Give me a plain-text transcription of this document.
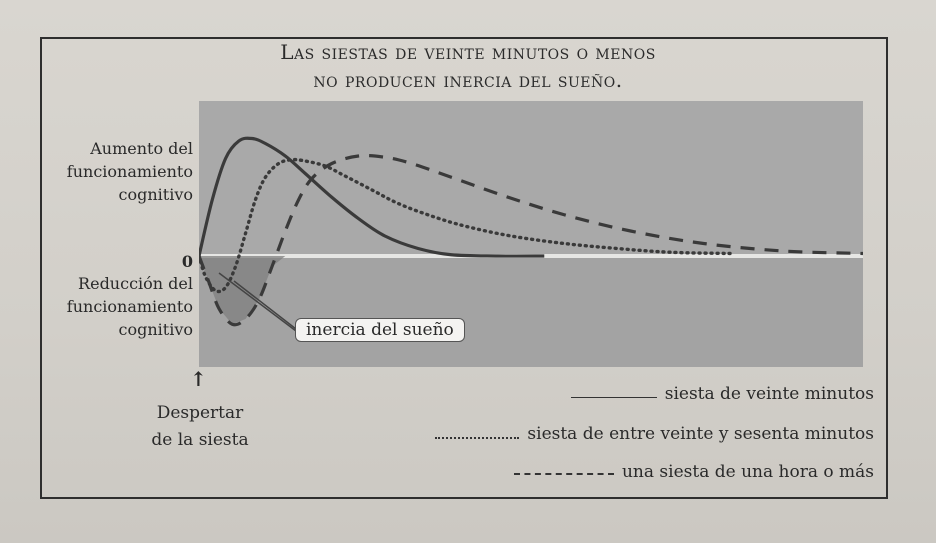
Las siestas de veinte minutos o menos
no producen inercia del sueño.
Aumento del funcionamiento cognitivo
0
Reducción del funcionamiento cognitivo
↑
Despertar
de la siesta
inercia del sueño
siesta de veinte minutos
siesta de entre veinte y sesenta minutos
una siesta de una hora o más
